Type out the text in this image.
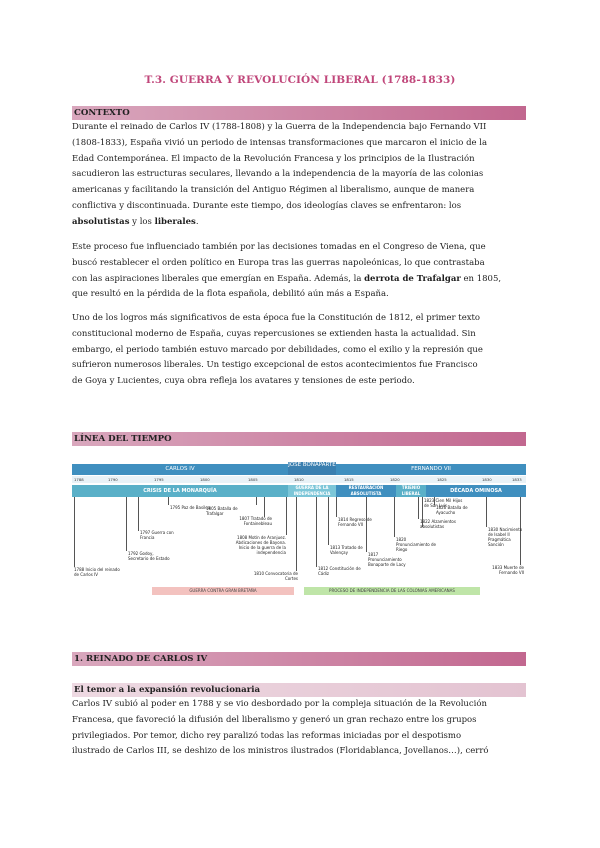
T.3. GUERRA Y REVOLUCIÓN LIBERAL (1788-1833)
CONTEXTO

Durante el reinado de Carlos IV (1788-1808) y la Guerra de la Independencia bajo Fernando VII
(1808-1833), España vivió un periodo de intensas transformaciones que marcaron el inicio de la
Edad Contemporánea. El impacto de la Revolución Francesa y los principios de la Ilustración
sacudieron las estructuras seculares, llevando a la independencia de la mayoría de las colonias
americanas y facilitando la transición del Antiguo Régimen al liberalismo, aunque de manera
conflictiva y discontinuada. Durante este tiempo, dos ideologías claves se enfrentaron: los
absolutistas y los liberales.

Este proceso fue influenciado también por las decisiones tomadas en el Congreso de Viena, que
buscó restablecer el orden político en Europa tras las guerras napoleónicas, lo que contrastaba
con las aspiraciones liberales que emergían en España. Además, la derrota de Trafalgar en 1805,
que resultó en la pérdida de la flota española, debilitó aún más a España.

Uno de los logros más significativos de esta época fue la Constitución de 1812, el primer texto
constitucional moderno de España, cuyas repercusiones se extienden hasta la actualidad. Sin
embargo, el periodo también estuvo marcado por debilidades, como el exilio y la represión que
sufrieron numerosos liberales. Un testigo excepcional de estos acontecimientos fue Francisco
de Goya y Lucientes, cuya obra refleja los avatares y tensiones de este periodo.

LÍNEA DEL TIEMPO
CARLOS IV
JOSÉ BONAPARTE
FERNANDO VII
1788	1790	1795	1800	1805	1810	1815	1820	1825	1830	1833
CRISIS DE LA MONARQUÍA
GUERRA DE LA INDEPENDENCIA
RESTAURACIÓN ABSOLUTISTA
TRIENIO LIBERAL	DÉCADA OMINOSA
1788 Inicio del reinado de Carlos IV
1792 Godoy, Secretario de Estado
1797 Guerra con Francia
1795 Paz de Basilea
1805 Batalla de Trafalgar
1807 Tratado de Fontainebleau
1808 Motín de Aranjuez. Abdicaciones de Bayona. Inicio de la guerra de la independencia
1810 Convocatoria de Cortes
1812 Constitución de Cádiz
1813 Tratado de Valençay
1814 Regreso de Fernando VII
1817 Pronunciamiento Bonaparte de Lacy
1820 Pronunciamiento de Riego
1822 Alzamientos absolutistas
1823 Cien Mil Hijos de San Luis
1826 Batalla de Ayacucho
1830 Nacimiento de Isabel II Pragmática Sanción
1833 Muerte de Fernando VII
GUERRA CONTRA GRAN BRETAÑA	PROCESO DE INDEPENDENCIA DE LAS COLONIAS AMERICANAS
1. REINADO DE CARLOS IV
El temor a la expansión revolucionaria

Carlos IV subió al poder en 1788 y se vio desbordado por la compleja situación de la Revolución
Francesa, que favoreció la difusión del liberalismo y generó un gran rechazo entre los grupos
privilegiados. Por temor, dicho rey paralizó todas las reformas iniciadas por el despotismo
ilustrado de Carlos III, se deshizo de los ministros ilustrados (Floridablanca, Jovellanos…), cerró
